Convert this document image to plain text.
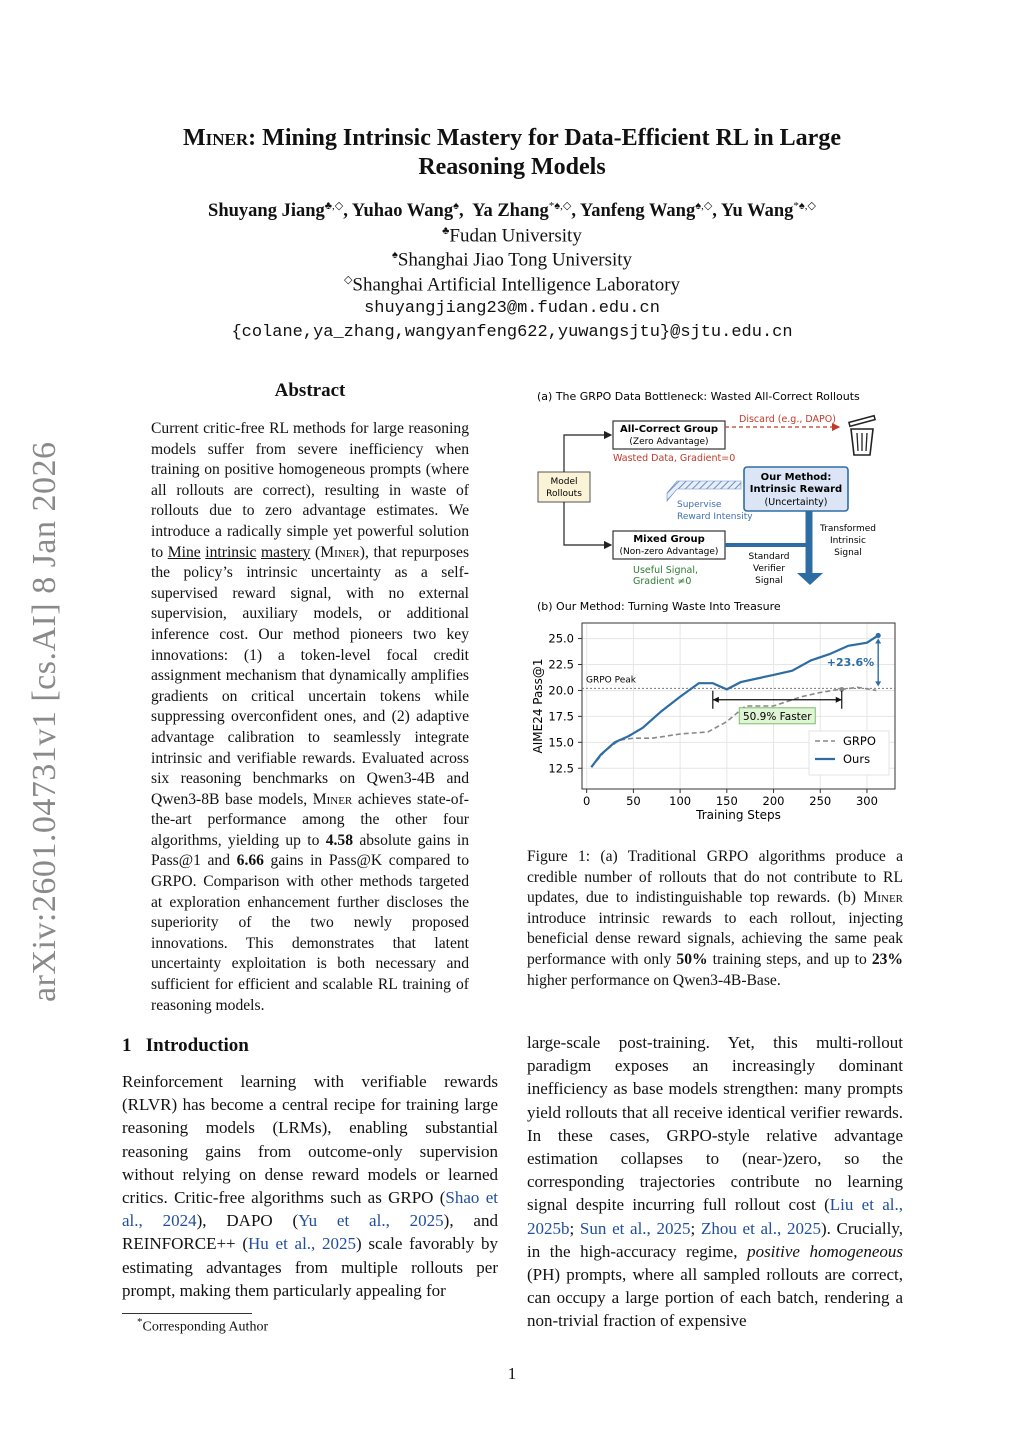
arXiv:2601.04731v1 [cs.AI] 8 Jan 2026
Miner: Mining Intrinsic Mastery for Data-Efficient RL in Large
Reasoning Models
Shuyang Jiang♣,◇, Yuhao Wang♠,  Ya Zhang*♠,◇, Yanfeng Wang♠,◇, Yu Wang*♠,◇
♣Fudan University
♠Shanghai Jiao Tong University
◇Shanghai Artificial Intelligence Laboratory
shuyangjiang23@m.fudan.edu.cn
{colane,ya_zhang,wangyanfeng622,yuwangsjtu}@sjtu.edu.cn
Abstract
Current critic-free RL methods for large reasoning models suffer from severe inefficiency when training on positive homogeneous prompts (where all rollouts are correct), resulting in waste of rollouts due to zero advantage estimates. We introduce a radically simple yet powerful solution to Mine intrinsic mastery (Miner), that repurposes the policy’s intrinsic uncertainty as a self-supervised reward signal, with no external supervision, auxiliary models, or additional inference cost. Our method pioneers two key innovations: (1) a token-level focal credit assignment mechanism that dynamically amplifies gradients on critical uncertain tokens while suppressing overconfident ones, and (2) adaptive advantage calibration to seamlessly integrate intrinsic and verifiable rewards. Evaluated across six reasoning benchmarks on Qwen3-4B and Qwen3-8B base models, Miner achieves state-of-the-art performance among the other four algorithms, yielding up to 4.58 absolute gains in Pass@1 and 6.66 gains in Pass@K compared to GRPO. Comparison with other methods targeted at exploration enhancement further discloses the superiority of the two newly proposed innovations. This demonstrates that latent uncertainty exploitation is both necessary and sufficient for efficient and scalable RL training of reasoning models.
(a) The GRPO Data Bottleneck: Wasted All-Correct Rollouts
Model
Rollouts
All-Correct Group
(Zero Advantage)
Wasted Data, Gradient=0
Discard (e.g., DAPO)
Our Method:
Intrinsic Reward
(Uncertainty)
Supervise
Reward Intensity
Mixed Group
(Non-zero Advantage)
Useful Signal,
Gradient ≠0
Standard
Verifier
Signal
Transformed
Intrinsic
Signal
(b) Our Method: Turning Waste Into Treasure
0	50 100 150 200 250 300
12.5
15.0
17.5
20.0
22.5
25.0
Training Steps
AIME24 Pass@1	GRPO Peak
+23.6%
50.9% Faster
GRPO
Ours
Figure 1: (a) Traditional GRPO algorithms produce a credible number of rollouts that do not contribute to RL updates, due to indistinguishable top rewards. (b) Miner introduce intrinsic rewards to each rollout, injecting beneficial dense reward signals, achieving the same peak performance with only 50% training steps, and up to 23% higher performance on Qwen3-4B-Base.
1 Introduction
Reinforcement learning with verifiable rewards (RLVR) has become a central recipe for training large reasoning models (LRMs), enabling substantial reasoning gains from outcome-only supervision without relying on dense reward models or learned critics. Critic-free algorithms such as GRPO (Shao et al., 2024), DAPO (Yu et al., 2025), and REINFORCE++ (Hu et al., 2025) scale favorably by estimating advantages from multiple rollouts per prompt, making them particularly appealing for
large-scale post-training. Yet, this multi-rollout paradigm exposes an increasingly dominant inefficiency as base models strengthen: many prompts yield rollouts that all receive identical verifier rewards. In these cases, GRPO-style relative advantage estimation collapses to (near-)zero, so the corresponding trajectories contribute no learning signal despite incurring full rollout cost (Liu et al., 2025b; Sun et al., 2025; Zhou et al., 2025). Crucially, in the high-accuracy regime, positive homogeneous (PH) prompts, where all sampled rollouts are correct, can occupy a large portion of each batch, rendering a non-trivial fraction of expensive
*Corresponding Author
1
